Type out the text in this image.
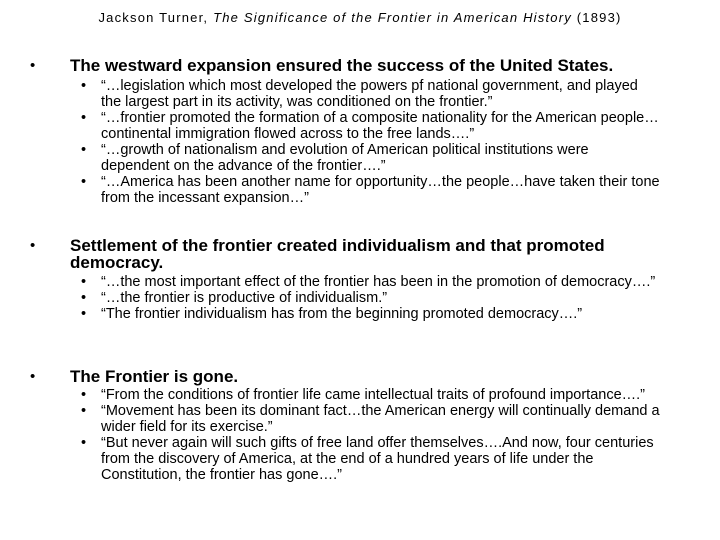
Jackson Turner, The Significance of the Frontier in American History (1893)
• The westward expansion ensured the success of the United States.
• “…legislation which most developed the powers pf national government, and played the largest part in its activity, was conditioned on the frontier.”
• “…frontier promoted the formation of a composite nationality for the American people…continental immigration flowed across to the free lands….”
• “…growth of nationalism and evolution of American political institutions were dependent on the advance of the frontier….”
• “…America has been another name for opportunity…the people…have taken their tone from the incessant expansion…”
• Settlement of the frontier created individualism and that promoted democracy.
• “…the most important effect of the frontier has been in the promotion of democracy….”
• “…the frontier is productive of individualism.”
• “The frontier individualism has from the beginning promoted democracy….”
• The Frontier is gone.
• “From the conditions of frontier life came intellectual traits of profound importance….”
• “Movement has been its dominant fact…the American energy will continually demand a wider field for its exercise.”
• “But never again will such gifts of free land offer themselves….And now, four centuries from the discovery of America, at the end of a hundred years of life under the Constitution, the frontier has gone….”
